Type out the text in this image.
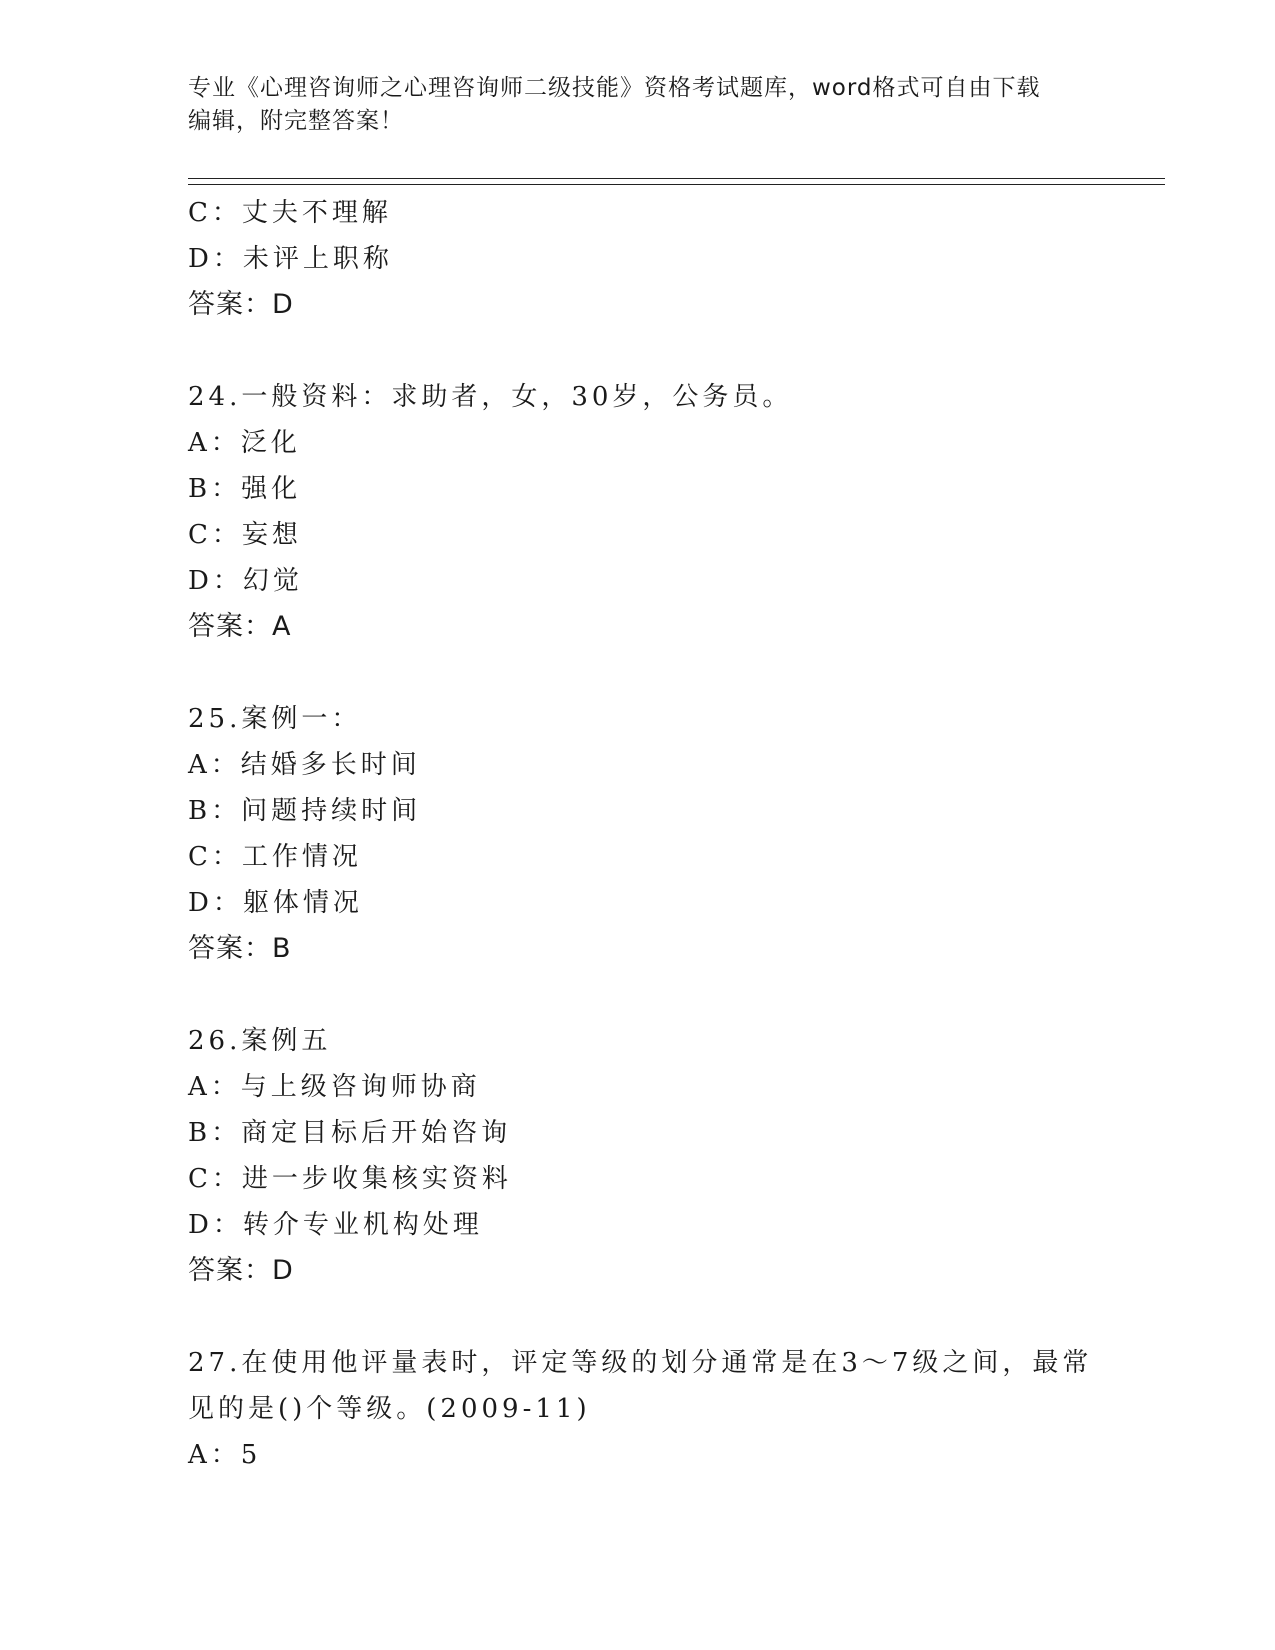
专业《心理咨询师之心理咨询师二级技能》资格考试题库，word格式可自由下载
编辑，附完整答案！
C：丈夫不理解
D：未评上职称
答案：D
24.一般资料：求助者，女，30岁，公务员。
A：泛化
B：强化
C：妄想
D：幻觉
答案：A
25.案例一：
A：结婚多长时间
B：问题持续时间
C：工作情况
D：躯体情况
答案：B
26.案例五
A：与上级咨询师协商
B：商定目标后开始咨询
C：进一步收集核实资料
D：转介专业机构处理
答案：D
27.在使用他评量表时，评定等级的划分通常是在3～7级之间，最常
见的是()个等级。(2009-11)
A：5
